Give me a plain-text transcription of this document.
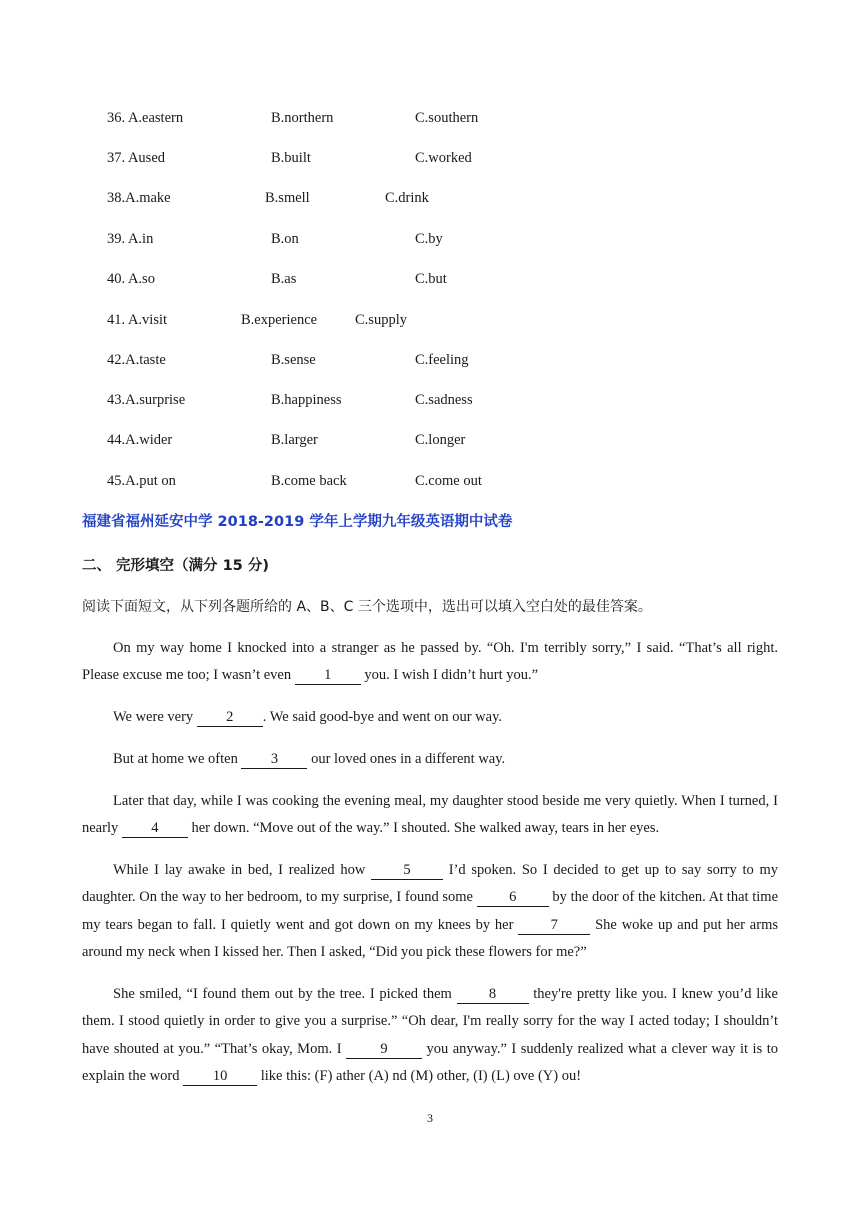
36. A.eastern	B.northern	C.southern
37. Aused	B.built	C.worked
38.A.make	B.smell	C.drink
39. A.in	B.on	C.by
40. A.so	B.as	C.but
41. A.visit	B.experience	C.supply
42.A.taste	B.sense	C.feeling
43.A.surprise	B.happiness	C.sadness
44.A.wider	B.larger	C.longer
45.A.put on	B.come back	C.come out
福建省福州延安中学 2018-2019 学年上学期九年级英语期中试卷
二、 完形填空（满分 15 分)
阅读下面短文，从下列各题所给的 A、B、C 三个选项中，选出可以填入空白处的最佳答案。

On my way home I knocked into a stranger as he passed by. “Oh. I'm terribly sorry,” I said. “That’s all right. Please excuse me too; I wasn’t even 1 you. I wish I didn’t hurt you.”

We were very 2 . We said good-bye and went on our way.

But at home we often 3 our loved ones in a different way.

Later that day, while I was cooking the evening meal, my daughter stood beside me very quietly. When I turned, I nearly 4 her down. “Move out of the way.” I shouted. She walked away, tears in her eyes.

While I lay awake in bed, I realized how 5 I’d spoken. So I decided to get up to say sorry to my daughter. On the way to her bedroom, to my surprise, I found some 6 by the door of the kitchen. At that time my tears began to fall. I quietly went and got down on my knees by her 7 She woke up and put her arms around my neck when I kissed her. Then I asked, “Did you pick these flowers for me?”

She smiled, “I found them out by the tree. I picked them 8 they're pretty like you. I knew you’d like them. I stood quietly in order to give you a surprise.” “Oh dear, I'm really sorry for the way I acted today; I shouldn’t have shouted at you.” “That’s okay, Mom. I 9 you anyway.” I suddenly realized what a clever way it is to explain the word 10 like this: (F) ather (A) nd (M) other, (I) (L) ove (Y) ou!

3
